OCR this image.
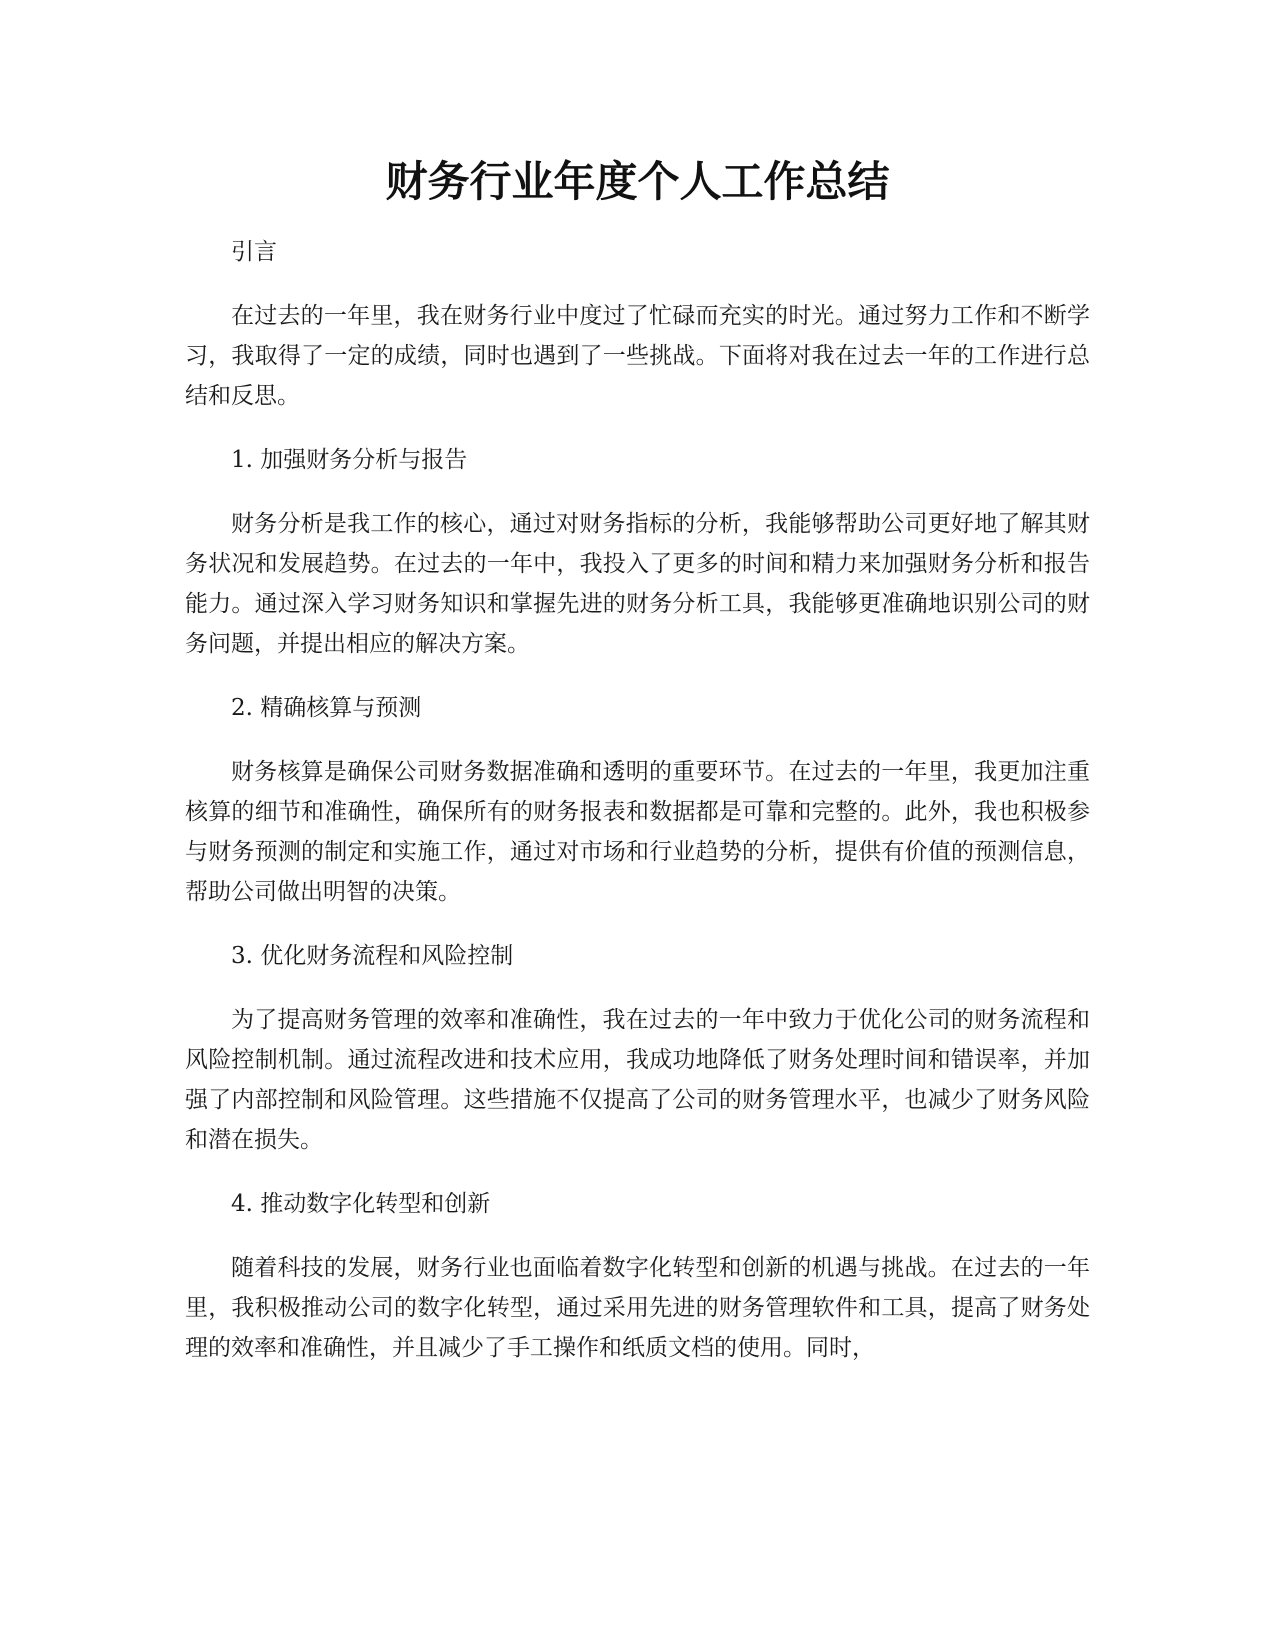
财务行业年度个人工作总结
引言

在过去的一年里，我在财务行业中度过了忙碌而充实的时光。通过努力工作和不断学习，我取得了一定的成绩，同时也遇到了一些挑战。下面将对我在过去一年的工作进行总结和反思。

1. 加强财务分析与报告

财务分析是我工作的核心，通过对财务指标的分析，我能够帮助公司更好地了解其财务状况和发展趋势。在过去的一年中，我投入了更多的时间和精力来加强财务分析和报告能力。通过深入学习财务知识和掌握先进的财务分析工具，我能够更准确地识别公司的财务问题，并提出相应的解决方案。

2. 精确核算与预测

财务核算是确保公司财务数据准确和透明的重要环节。在过去的一年里，我更加注重核算的细节和准确性，确保所有的财务报表和数据都是可靠和完整的。此外，我也积极参与财务预测的制定和实施工作，通过对市场和行业趋势的分析，提供有价值的预测信息，帮助公司做出明智的决策。

3. 优化财务流程和风险控制

为了提高财务管理的效率和准确性，我在过去的一年中致力于优化公司的财务流程和风险控制机制。通过流程改进和技术应用，我成功地降低了财务处理时间和错误率，并加强了内部控制和风险管理。这些措施不仅提高了公司的财务管理水平，也减少了财务风险和潜在损失。

4. 推动数字化转型和创新

随着科技的发展，财务行业也面临着数字化转型和创新的机遇与挑战。在过去的一年里，我积极推动公司的数字化转型，通过采用先进的财务管理软件和工具，提高了财务处理的效率和准确性，并且减少了手工操作和纸质文档的使用。同时，
